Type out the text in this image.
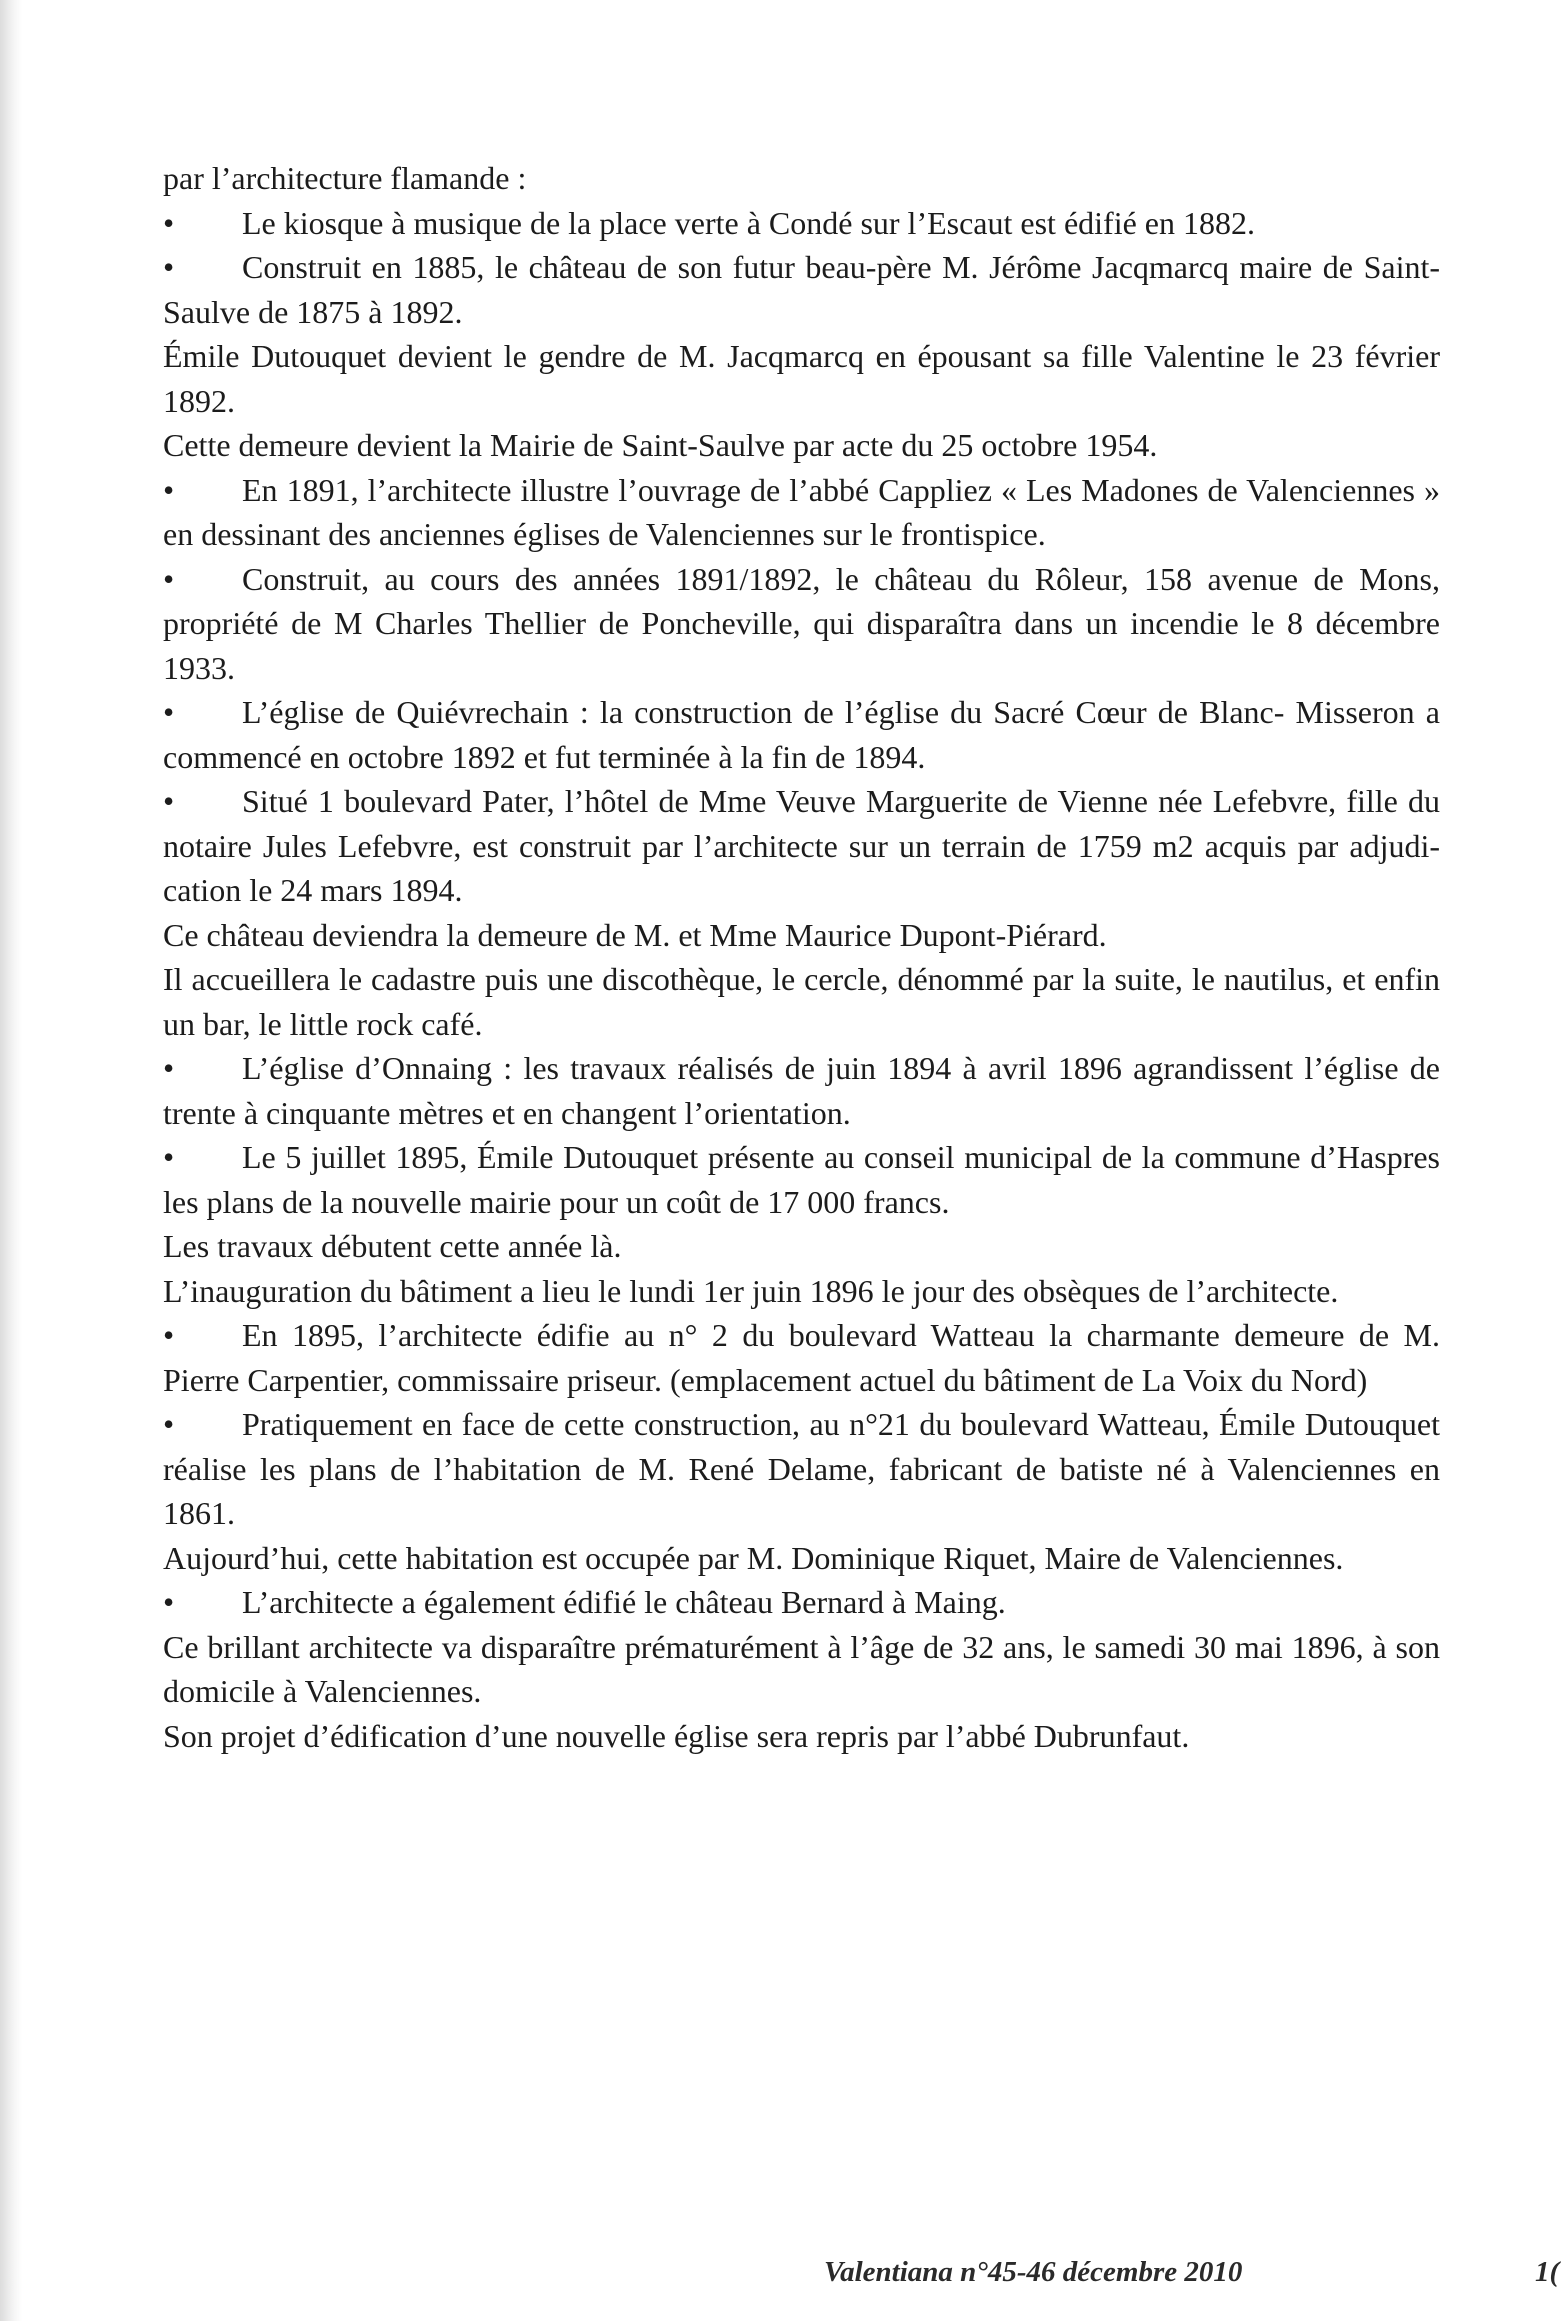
par l’architecture flamande :
• Le kiosque à musique de la place verte à Condé sur l’Escaut est édifié en 1882.
• Construit en 1885, le château de son futur beau-père M. Jérôme Jacqmarcq maire de Saint-
Saulve de 1875 à 1892.
Émile Dutouquet devient le gendre de M. Jacqmarcq en épousant sa fille Valentine le 23 février
1892.
Cette demeure devient la Mairie de Saint-Saulve par acte du 25 octobre 1954.
• En 1891, l’architecte illustre l’ouvrage de l’abbé Cappliez « Les Madones de Valenciennes »
en dessinant des anciennes églises de Valenciennes sur le frontispice.
• Construit, au cours des années 1891/1892, le château du Rôleur, 158 avenue de Mons,
propriété de M Charles Thellier de Poncheville, qui disparaîtra dans un incendie le 8 décembre
1933.
• L’église de Quiévrechain : la construction de l’église du Sacré Cœur de Blanc- Misseron a
commencé en octobre 1892 et fut terminée à la fin de 1894.
• Situé 1 boulevard Pater, l’hôtel de Mme Veuve Marguerite de Vienne née Lefebvre, fille du
notaire Jules Lefebvre, est construit par l’architecte sur un terrain de 1759 m2 acquis par adjudi-
cation le 24 mars 1894.
Ce château deviendra la demeure de M. et Mme Maurice Dupont-Piérard.
Il accueillera le cadastre puis une discothèque, le cercle, dénommé par la suite, le nautilus, et enfin
un bar, le little rock café.
• L’église d’Onnaing : les travaux réalisés de juin 1894 à avril 1896 agrandissent l’église de
trente à cinquante mètres et en changent l’orientation.
• Le 5 juillet 1895, Émile Dutouquet présente au conseil municipal de la commune d’Haspres
les plans de la nouvelle mairie pour un coût de 17 000 francs.
Les travaux débutent cette année là.
L’inauguration du bâtiment a lieu le lundi 1er juin 1896 le jour des obsèques de l’architecte.
• En 1895, l’architecte édifie au n° 2 du boulevard Watteau la charmante demeure de M.
Pierre Carpentier, commissaire priseur. (emplacement actuel du bâtiment de La Voix du Nord)
• Pratiquement en face de cette construction, au n°21 du boulevard Watteau, Émile Dutouquet
réalise les plans de l’habitation de M. René Delame, fabricant de batiste né à Valenciennes en
1861.
Aujourd’hui, cette habitation est occupée par M. Dominique Riquet, Maire de Valenciennes.
• L’architecte a également édifié le château Bernard à Maing.
Ce brillant architecte va disparaître prématurément à l’âge de 32 ans, le samedi 30 mai 1896, à son
domicile à Valenciennes.
Son projet d’édification d’une nouvelle église sera repris par l’abbé Dubrunfaut.
Valentiana n°45-46 décembre 2010	1(
